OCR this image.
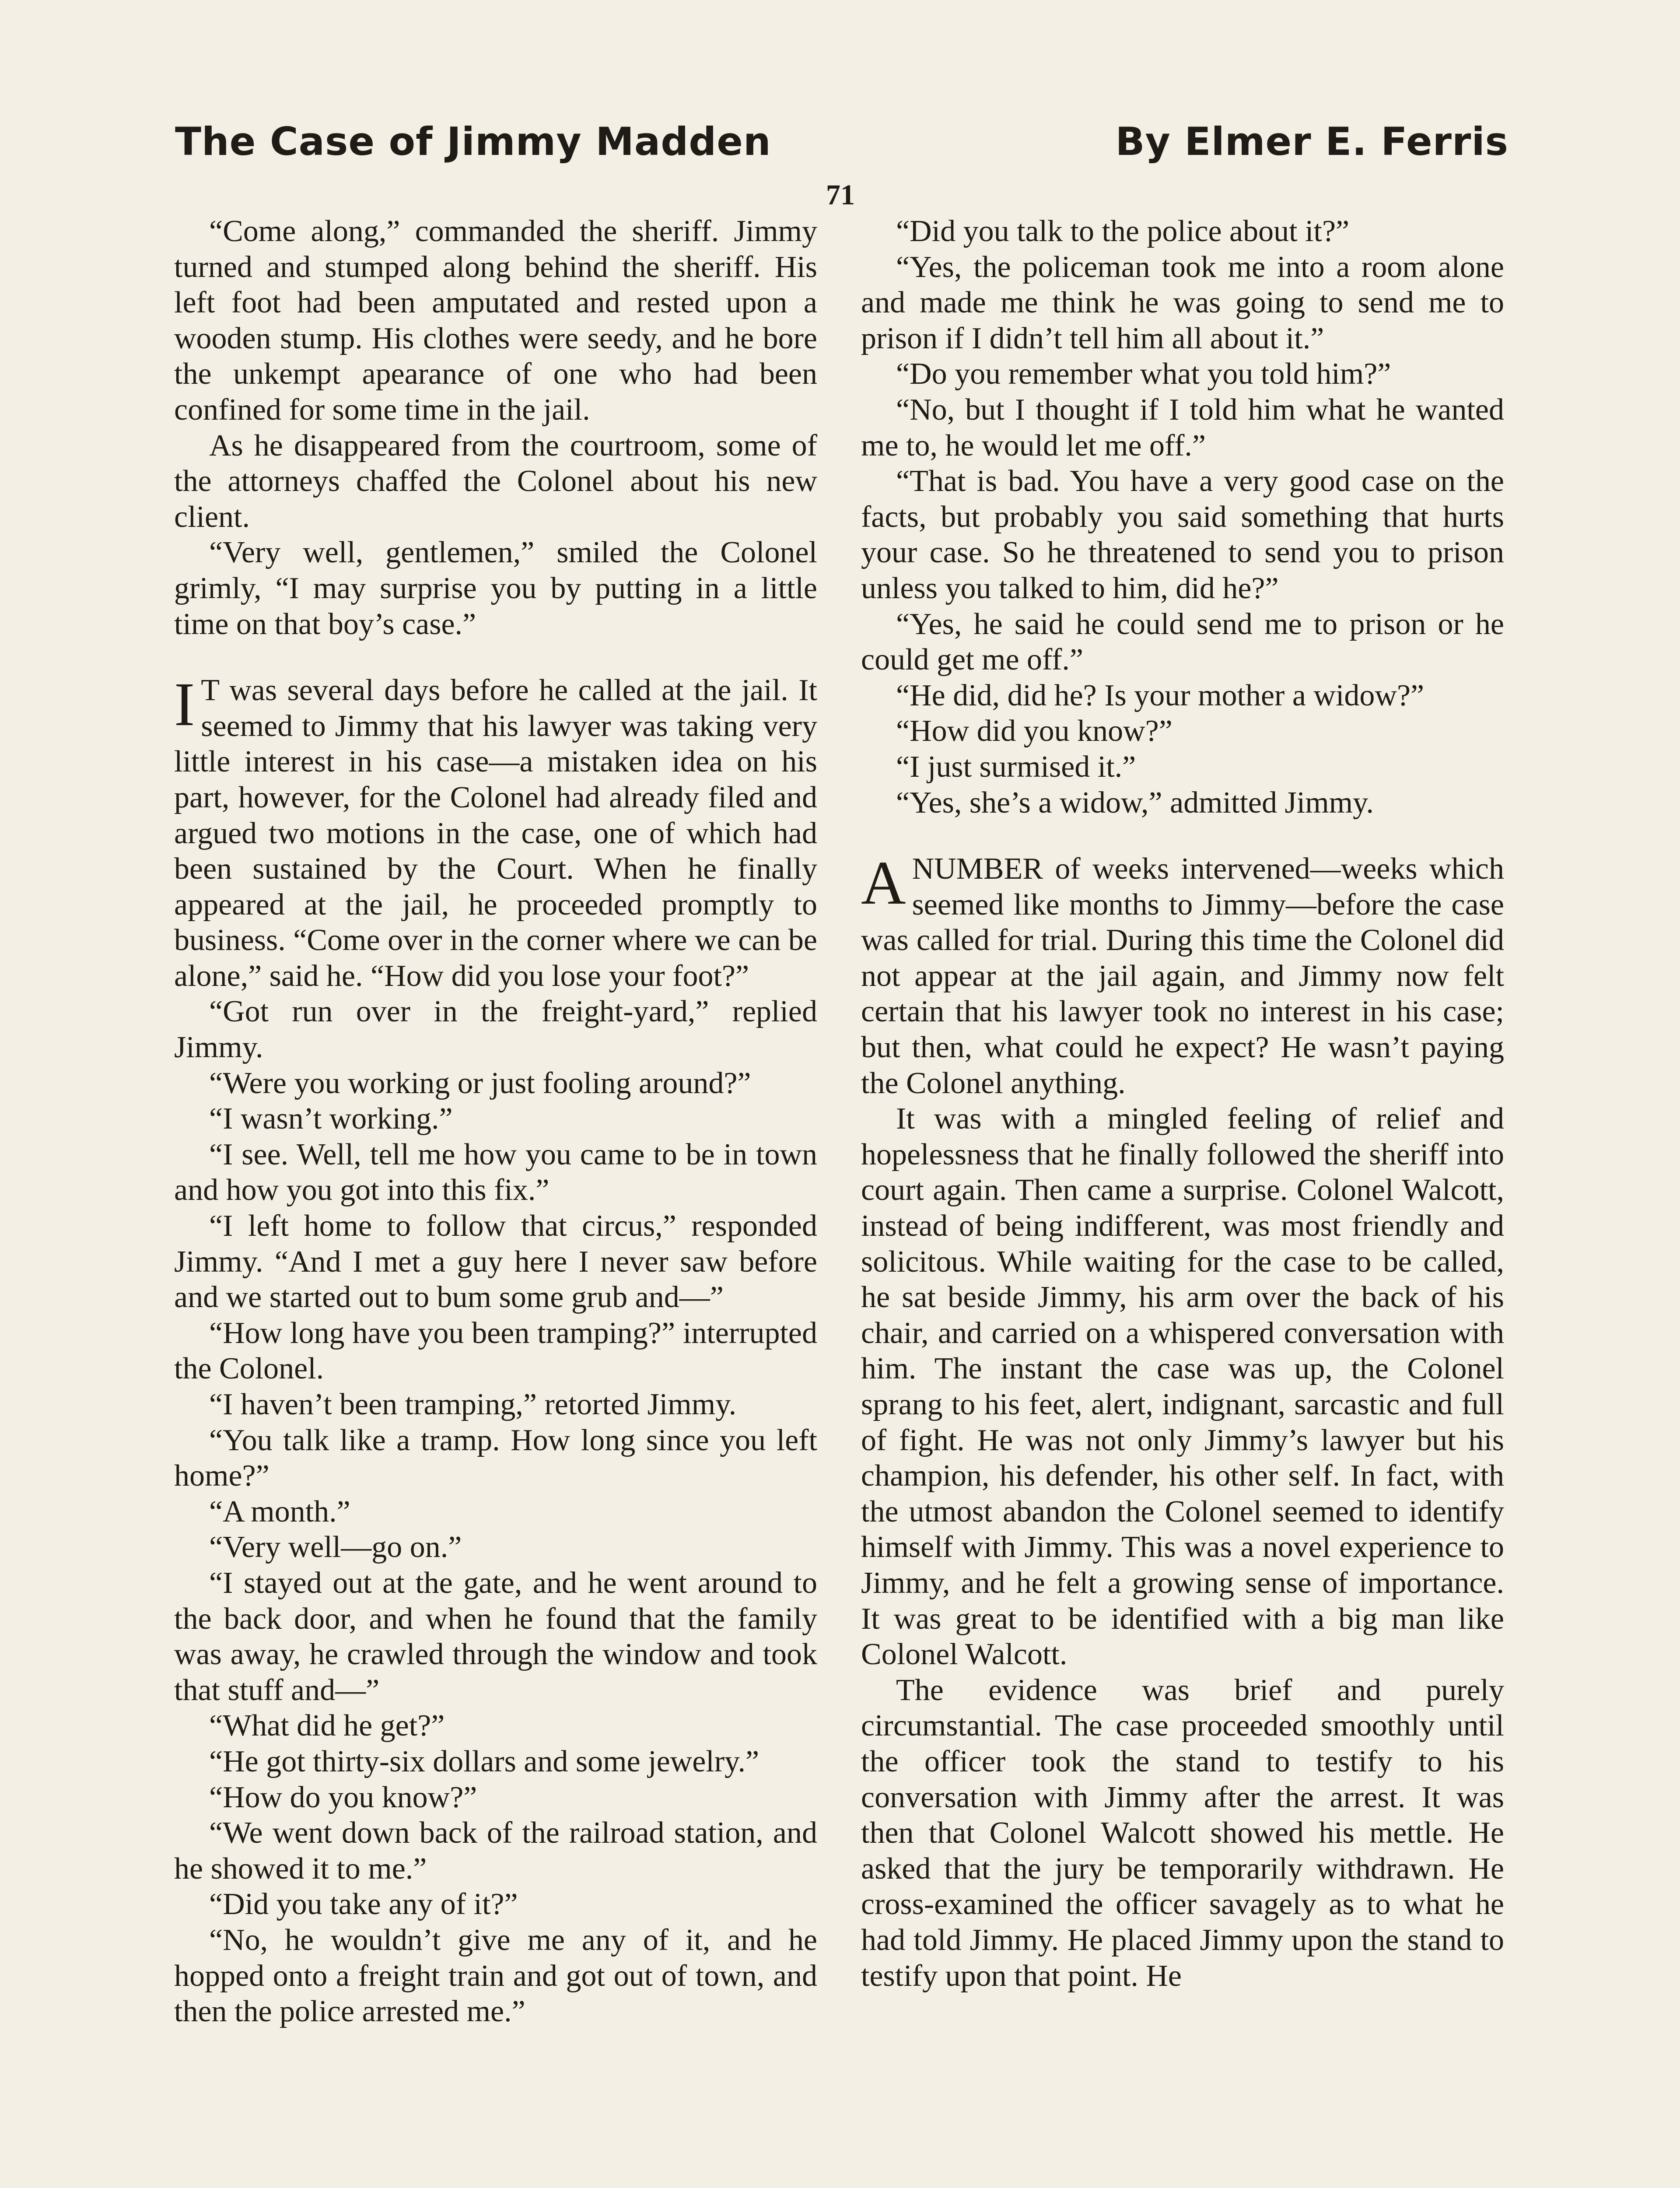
The Case of Jimmy Madden	By Elmer E. Ferris
71

“Come along,” commanded the sheriff. Jimmy turned and stumped along behind the sheriff. His left foot had been amputated and rested upon a wooden stump. His clothes were seedy, and he bore the unkempt apearance of one who had been confined for some time in the jail.

As he disappeared from the courtroom, some of the attorneys chaffed the Colonel about his new client.

“Very well, gentlemen,” smiled the Colonel grimly, “I may surprise you by putting in a little time on that boy’s case.”

I T was several days before he called at the jail. It seemed to Jimmy that his lawyer was taking very little interest in his case—a mistaken idea on his part, however, for the Colonel had already filed and argued two motions in the case, one of which had been sustained by the Court. When he finally appeared at the jail, he proceeded promptly to business. “Come over in the corner where we can be alone,” said he. “How did you lose your foot?”

“Got run over in the freight-yard,” replied Jimmy.

“Were you working or just fooling around?”

“I wasn’t working.”

“I see. Well, tell me how you came to be in town and how you got into this fix.”

“I left home to follow that circus,” responded Jimmy. “And I met a guy here I never saw before and we started out to bum some grub and—”

“How long have you been tramping?” interrupted the Colonel.

“I haven’t been tramping,” retorted Jimmy.

“You talk like a tramp. How long since you left home?”

“A month.”

“Very well—go on.”

“I stayed out at the gate, and he went around to the back door, and when he found that the family was away, he crawled through the window and took that stuff and—”

“What did he get?”

“He got thirty-six dollars and some jewelry.”

“How do you know?”

“We went down back of the railroad station, and he showed it to me.”

“Did you take any of it?”

“No, he wouldn’t give me any of it, and he hopped onto a freight train and got out of town, and then the police arrested me.”

“Did you talk to the police about it?”

“Yes, the policeman took me into a room alone and made me think he was going to send me to prison if I didn’t tell him all about it.”

“Do you remember what you told him?”

“No, but I thought if I told him what he wanted me to, he would let me off.”

“That is bad. You have a very good case on the facts, but probably you said something that hurts your case. So he threatened to send you to prison unless you talked to him, did he?”

“Yes, he said he could send me to prison or he could get me off.”

“He did, did he? Is your mother a widow?”

“How did you know?”

“I just surmised it.”

“Yes, she’s a widow,” admitted Jimmy.

ANUMBER of weeks intervened—weeks which seemed like months to Jimmy—before the case was called for trial. During this time the Colonel did not appear at the jail again, and Jimmy now felt certain that his lawyer took no interest in his case; but then, what could he expect? He wasn’t paying the Colonel anything.

It was with a mingled feeling of relief and hopelessness that he finally followed the sheriff into court again. Then came a surprise. Colonel Walcott, instead of being indifferent, was most friendly and solicitous. While waiting for the case to be called, he sat beside Jimmy, his arm over the back of his chair, and carried on a whispered conversation with him. The instant the case was up, the Colonel sprang to his feet, alert, indignant, sarcastic and full of fight. He was not only Jimmy’s lawyer but his champion, his defender, his other self. In fact, with the utmost abandon the Colonel seemed to identify himself with Jimmy. This was a novel experience to Jimmy, and he felt a growing sense of importance. It was great to be identified with a big man like Colonel Walcott.

The evidence was brief and purely circumstantial. The case proceeded smoothly until the officer took the stand to testify to his conversation with Jimmy after the arrest. It was then that Colonel Walcott showed his mettle. He asked that the jury be temporarily withdrawn. He cross-examined the officer savagely as to what he had told Jimmy. He placed Jimmy upon the stand to testify upon that point. He
